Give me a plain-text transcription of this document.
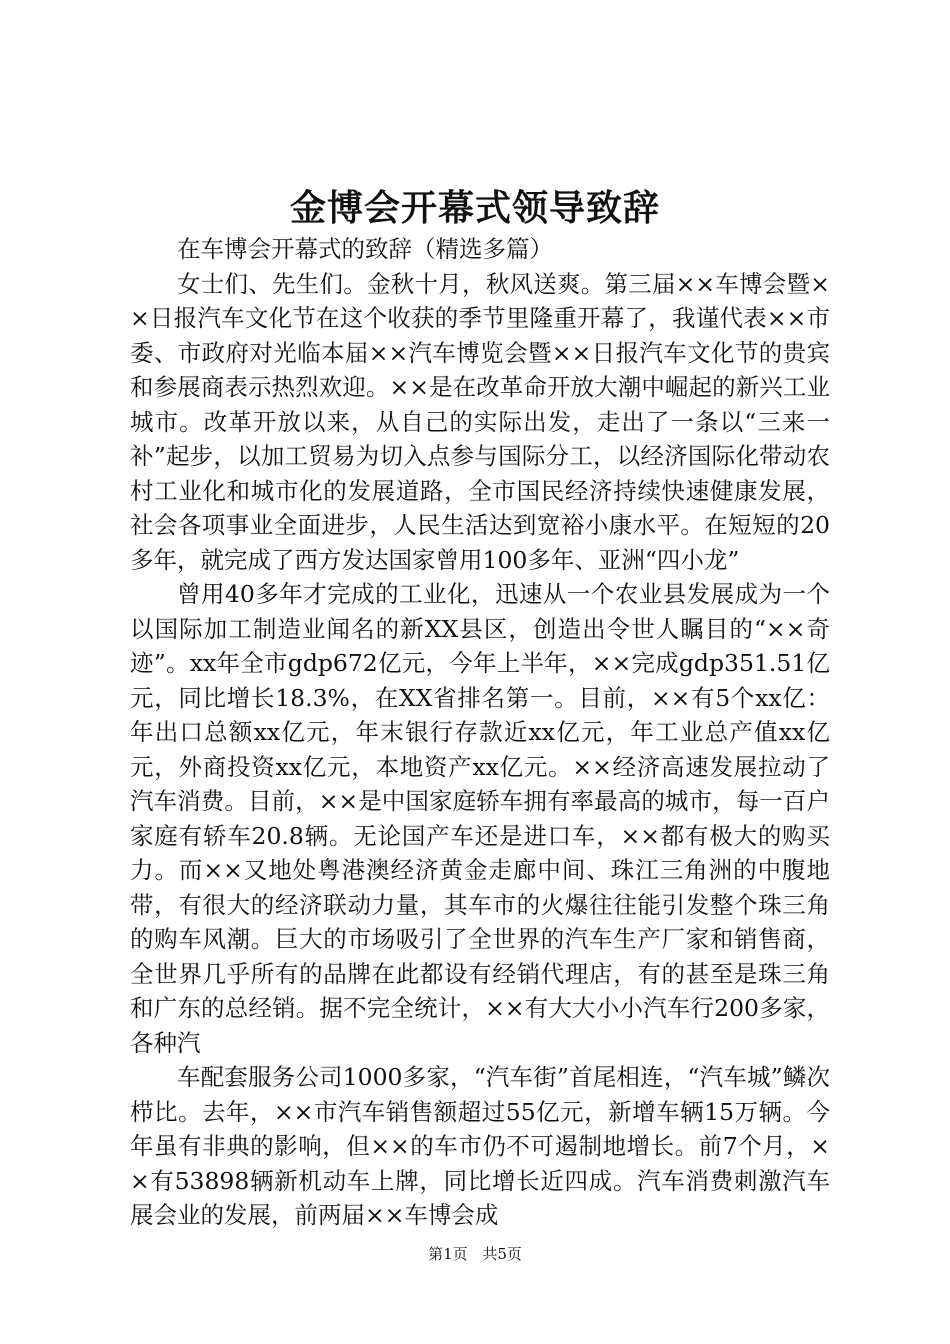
金博会开幕式领导致辞

在车博会开幕式的致辞（精选多篇）

女士们、先生们。金秋十月，秋风送爽。第三届××车博会暨××日报汽车文化节在这个收获的季节里隆重开幕了，我谨代表××市委、市政府对光临本届××汽车博览会暨××日报汽车文化节的贵宾和参展商表示热烈欢迎。××是在改革命开放大潮中崛起的新兴工业城市。改革开放以来，从自己的实际出发，走出了一条以“三来一补”起步，以加工贸易为切入点参与国际分工，以经济国际化带动农村工业化和城市化的发展道路，全市国民经济持续快速健康发展，社会各项事业全面进步，人民生活达到宽裕小康水平。在短短的20多年，就完成了西方发达国家曾用100多年、亚洲“四小龙”

曾用40多年才完成的工业化，迅速从一个农业县发展成为一个以国际加工制造业闻名的新XX县区，创造出令世人瞩目的“××奇迹”。xx年全市gdp672亿元，今年上半年，××完成gdp351.51亿元，同比增长18.3%，在XX省排名第一。目前，××有5个xx亿：年出口总额xx亿元，年末银行存款近xx亿元，年工业总产值xx亿元，外商投资xx亿元，本地资产xx亿元。××经济高速发展拉动了汽车消费。目前，××是中国家庭轿车拥有率最高的城市，每一百户家庭有轿车20.8辆。无论国产车还是进口车，××都有极大的购买力。而××又地处粤港澳经济黄金走廊中间、珠江三角洲的中腹地带，有很大的经济联动力量，其车市的火爆往往能引发整个珠三角的购车风潮。巨大的市场吸引了全世界的汽车生产厂家和销售商，全世界几乎所有的品牌在此都设有经销代理店，有的甚至是珠三角和广东的总经销。据不完全统计，××有大大小小汽车行200多家，各种汽

车配套服务公司1000多家，“汽车街”首尾相连，“汽车城”鳞次栉比。去年，××市汽车销售额超过55亿元，新增车辆15万辆。今年虽有非典的影响，但××的车市仍不可遏制地增长。前7个月，××有53898辆新机动车上牌，同比增长近四成。汽车消费刺激汽车展会业的发展，前两届××车博会成

第1页 共5页
